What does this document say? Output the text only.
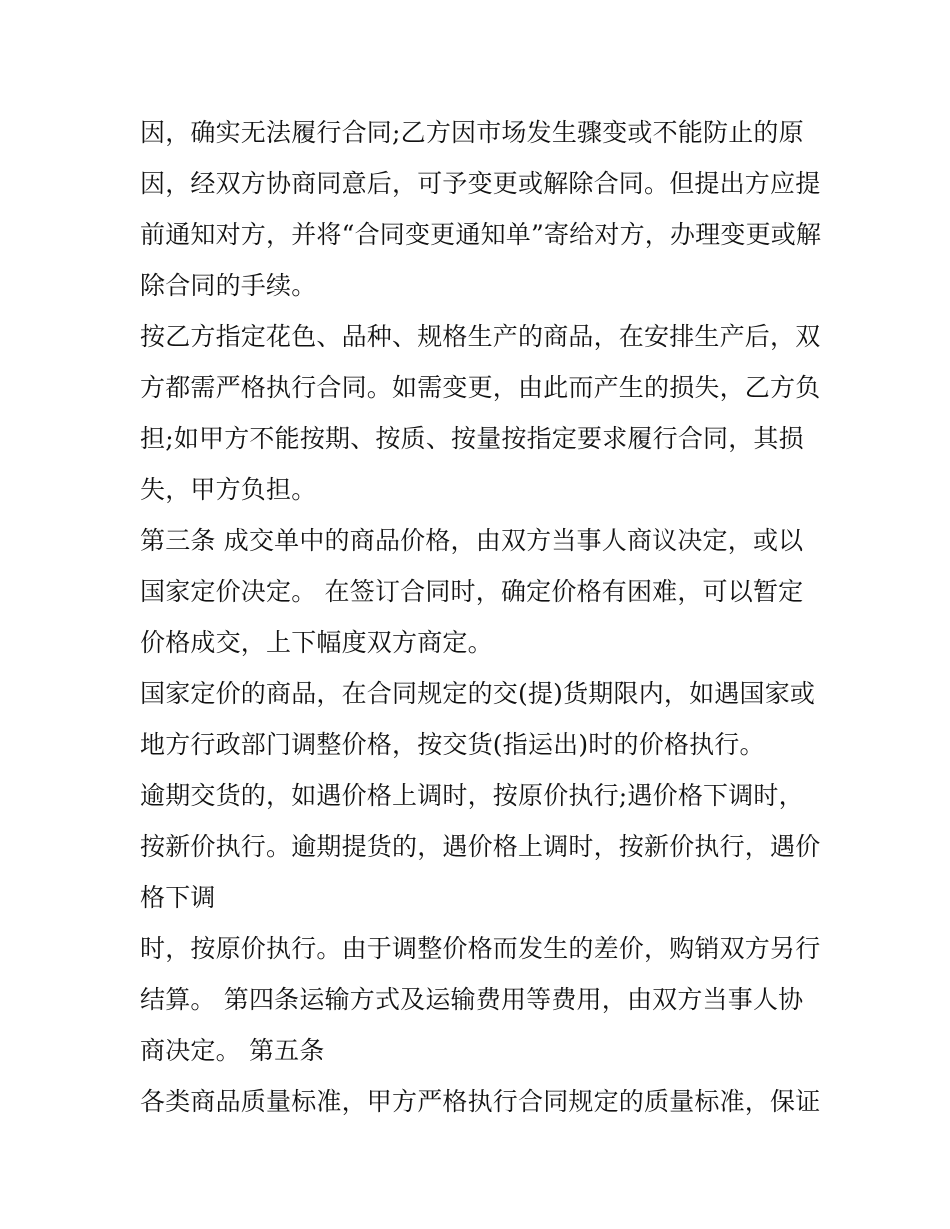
因，确实无法履行合同;乙方因市场发生骤变或不能防止的原
因，经双方协商同意后，可予变更或解除合同。但提出方应提
前通知对方，并将“合同变更通知单”寄给对方，办理变更或解
除合同的手续。
按乙方指定花色、品种、规格生产的商品，在安排生产后，双
方都需严格执行合同。如需变更，由此而产生的损失，乙方负
担;如甲方不能按期、按质、按量按指定要求履行合同，其损
失，甲方负担。
第三条 成交单中的商品价格，由双方当事人商议决定，或以
国家定价决定。 在签订合同时，确定价格有困难，可以暂定
价格成交，上下幅度双方商定。
国家定价的商品，在合同规定的交(提)货期限内，如遇国家或
地方行政部门调整价格，按交货(指运出)时的价格执行。
逾期交货的，如遇价格上调时，按原价执行;遇价格下调时，
按新价执行。逾期提货的，遇价格上调时，按新价执行，遇价
格下调
时，按原价执行。由于调整价格而发生的差价，购销双方另行
结算。 第四条运输方式及运输费用等费用，由双方当事人协
商决定。 第五条
各类商品质量标准，甲方严格执行合同规定的质量标准，保证
